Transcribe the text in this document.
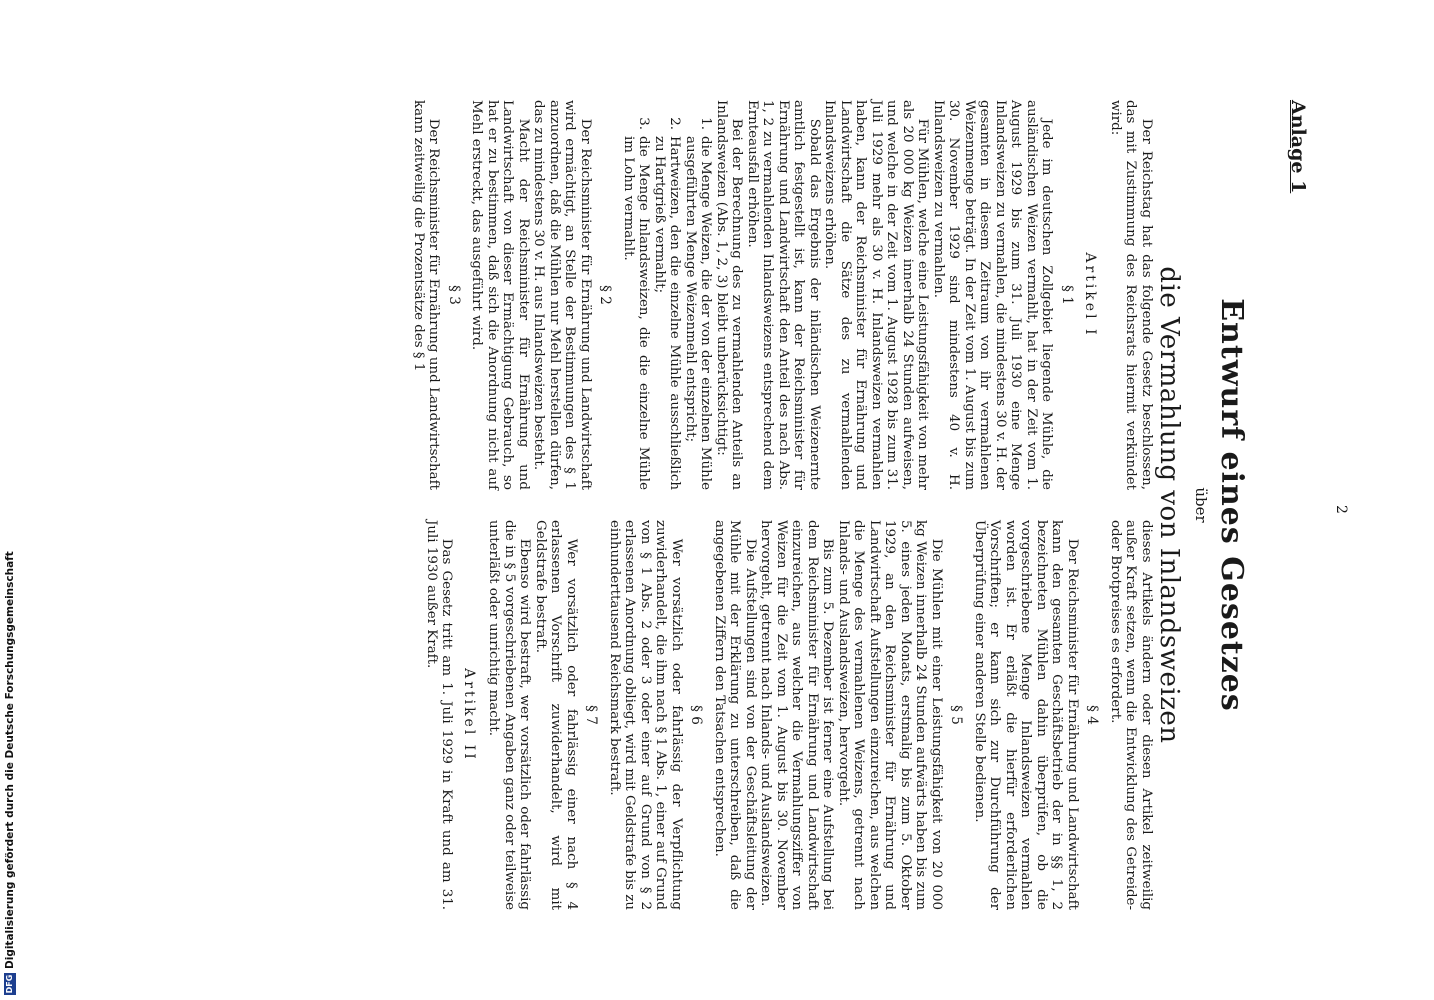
2
Anlage 1
Entwurf eines Gesetzes
über
die Vermahlung von Inlandsweizen

Der Reichstag hat das folgende Gesetz beschlossen, das mit Zustimmung des Reichsrats hiermit verkündet wird:

Artikel I
§ 1

Jede im deutschen Zollgebiet liegende Mühle, die ausländischen Weizen vermahlt, hat in der Zeit vom 1. August 1929 bis zum 31. Juli 1930 eine Menge Inlandsweizen zu vermahlen, die mindestens 30 v. H. der gesamten in diesem Zeitraum von ihr vermahlenen Weizenmenge beträgt. In der Zeit vom 1. August bis zum 30. November 1929 sind mindestens 40 v. H. Inlandsweizen zu vermahlen.

Für Mühlen, welche eine Leistungsfähigkeit von mehr als 20 000 kg Weizen innerhalb 24 Stunden aufweisen, und welche in der Zeit vom 1. August 1928 bis zum 31. Juli 1929 mehr als 30 v. H. Inlandsweizen vermahlen haben, kann der Reichsminister für Ernährung und Landwirtschaft die Sätze des zu vermahlenden Inlandsweizens erhöhen.

Sobald das Ergebnis der inländischen Weizenernte amtlich festgestellt ist, kann der Reichsminister für Ernährung und Landwirtschaft den Anteil des nach Abs. 1, 2 zu vermahlenden Inlandsweizens entsprechend dem Ernteausfall erhöhen.

Bei der Berechnung des zu vermahlenden Anteils an Inlandsweizen (Abs. 1, 2, 3) bleibt unberücksichtigt:

1.
die Menge Weizen, die der von der einzelnen Mühle ausgeführten Menge Weizenmehl entspricht;
2.
Hartweizen, den die einzelne Mühle ausschließlich zu Hartgrieß vermahlt;
3.
die Menge Inlandsweizen, die die einzelne Mühle im Lohn vermahlt.
§ 2

Der Reichsminister für Ernährung und Landwirtschaft wird ermächtigt, an Stelle der Bestimmungen des § 1 anzuordnen, daß die Mühlen nur Mehl herstellen dürfen, das zu mindestens 30 v. H. aus Inlandsweizen besteht.

Macht der Reichsminister für Ernährung und Landwirtschaft von dieser Ermächtigung Gebrauch, so hat er zu bestimmen, daß sich die Anordnung nicht auf Mehl erstreckt, das ausgeführt wird.

§ 3

Der Reichsminister für Ernährung und Landwirtschaft kann zeitweilig die Prozentsätze des § 1

dieses Artikels ändern oder diesen Artikel zeitweilig außer Kraft setzen, wenn die Entwicklung des Getreide- oder Brotpreises es erfordert.

§ 4

Der Reichsminister für Ernährung und Landwirtschaft kann den gesamten Geschäftsbetrieb der in §§ 1, 2 bezeichneten Mühlen dahin überprüfen, ob die vorgeschriebene Menge Inlandsweizen vermahlen worden ist. Er erläßt die hierfür erforderlichen Vorschriften; er kann sich zur Durchführung der Überprüfung einer anderen Stelle bedienen.

§ 5

Die Mühlen mit einer Leistungsfähigkeit von 20 000 kg Weizen innerhalb 24 Stunden aufwärts haben bis zum 5. eines jeden Monats, erstmalig bis zum 5. Oktober 1929, an den Reichsminister für Ernährung und Landwirtschaft Aufstellungen einzureichen, aus welchen die Menge des vermahlenen Weizens, getrennt nach Inlands- und Auslandsweizen, hervorgeht.

Bis zum 5. Dezember ist ferner eine Aufstellung bei dem Reichsminister für Ernährung und Landwirtschaft einzureichen, aus welcher die Vermahlungsziffer von Weizen für die Zeit vom 1. August bis 30. November hervorgeht, getrennt nach Inlands- und Auslandsweizen.

Die Aufstellungen sind von der Geschäftsleitung der Mühle mit der Erklärung zu unterschreiben, daß die angegebenen Ziffern den Tatsachen entsprechen.

§ 6

Wer vorsätzlich oder fahrlässig der Verpflichtung zuwiderhandelt, die ihm nach § 1 Abs. 1, einer auf Grund von § 1 Abs. 2 oder 3 oder einer auf Grund von § 2 erlassenen Anordnung obliegt, wird mit Geldstrafe bis zu einhunderttausend Reichsmark bestraft.

§ 7

Wer vorsätzlich oder fahrlässig einer nach § 4 erlassenen Vorschrift zuwiderhandelt, wird mit Geldstrafe bestraft.

Ebenso wird bestraft, wer vorsätzlich oder fahrlässig die in § 5 vorgeschriebenen Angaben ganz oder teilweise unterläßt oder unrichtig macht.

Artikel II

Das Gesetz tritt am 1. Juli 1929 in Kraft und am 31. Juli 1930 außer Kraft.

DFGDigitalisierung gefördert durch die Deutsche Forschungsgemeinschaft
